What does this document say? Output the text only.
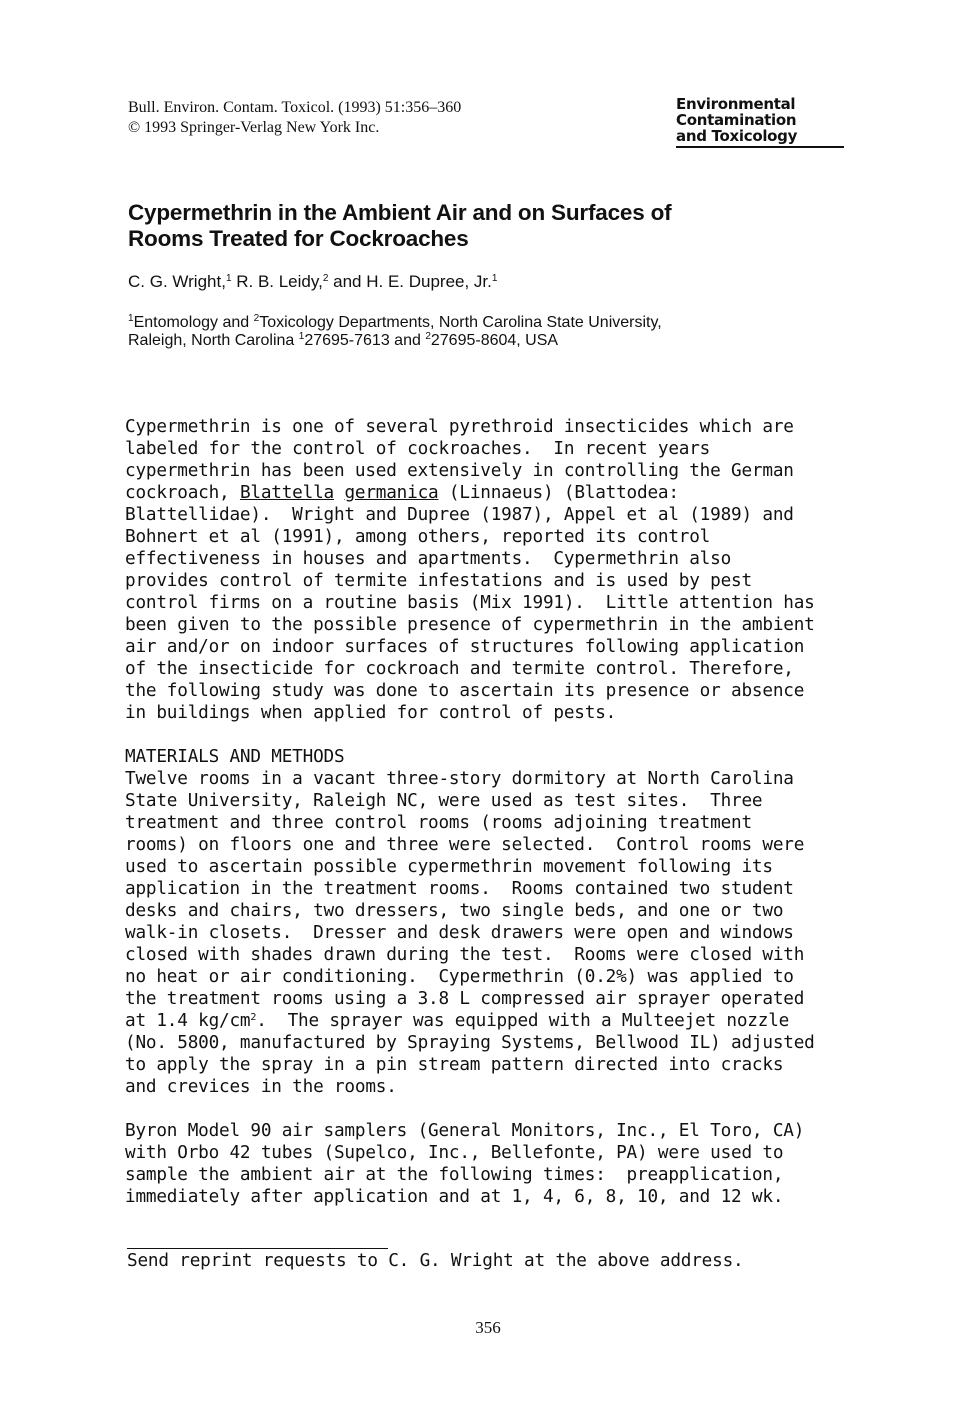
Bull. Environ. Contam. Toxicol. (1993) 51:356–360
© 1993 Springer-Verlag New York Inc.
Environmental
Contamination
and Toxicology
Cypermethrin in the Ambient Air and on Surfaces of
Rooms Treated for Cockroaches
C. G. Wright,$^1$ R. B. Leidy,$^2$ and H. E. Dupree, Jr.$^1$
$^1$Entomology and $^2$Toxicology Departments, North Carolina State University,
Raleigh, North Carolina $^1$27695-7613 and $^2$27695-8604, USA
Cypermethrin is one of several pyrethroid insecticides which are
labeled for the control of cockroaches.  In recent years
cypermethrin has been used extensively in controlling the German
cockroach, Blattella germanica (Linnaeus) (Blattodea:
Blattellidae).  Wright and Dupree (1987), Appel et al (1989) and
Bohnert et al (1991), among others, reported its control
effectiveness in houses and apartments.  Cypermethrin also
provides control of termite infestations and is used by pest
control firms on a routine basis (Mix 1991).  Little attention has
been given to the possible presence of cypermethrin in the ambient
air and/or on indoor surfaces of structures following application
of the insecticide for cockroach and termite control. Therefore,
the following study was done to ascertain its presence or absence
in buildings when applied for control of pests.
MATERIALS AND METHODS
Twelve rooms in a vacant three-story dormitory at North Carolina
State University, Raleigh NC, were used as test sites.  Three
treatment and three control rooms (rooms adjoining treatment
rooms) on floors one and three were selected.  Control rooms were
used to ascertain possible cypermethrin movement following its
application in the treatment rooms.  Rooms contained two student
desks and chairs, two dressers, two single beds, and one or two
walk-in closets.  Dresser and desk drawers were open and windows
closed with shades drawn during the test.  Rooms were closed with
no heat or air conditioning.  Cypermethrin (0.2%) was applied to
the treatment rooms using a 3.8 L compressed air sprayer operated
at 1.4 $kg/cm^2$.  The sprayer was equipped with a Multeejet nozzle
(No. 5800, manufactured by Spraying Systems, Bellwood IL) adjusted
to apply the spray in a pin stream pattern directed into cracks
and crevices in the rooms.
Byron Model 90 air samplers (General Monitors, Inc., El Toro, CA)
with Orbo 42 tubes (Supelco, Inc., Bellefonte, PA) were used to
sample the ambient air at the following times:  preapplication,
immediately after application and at 1, 4, 6, 8, 10, and 12 wk.
Send reprint requests to C. G. Wright at the above address.
356
